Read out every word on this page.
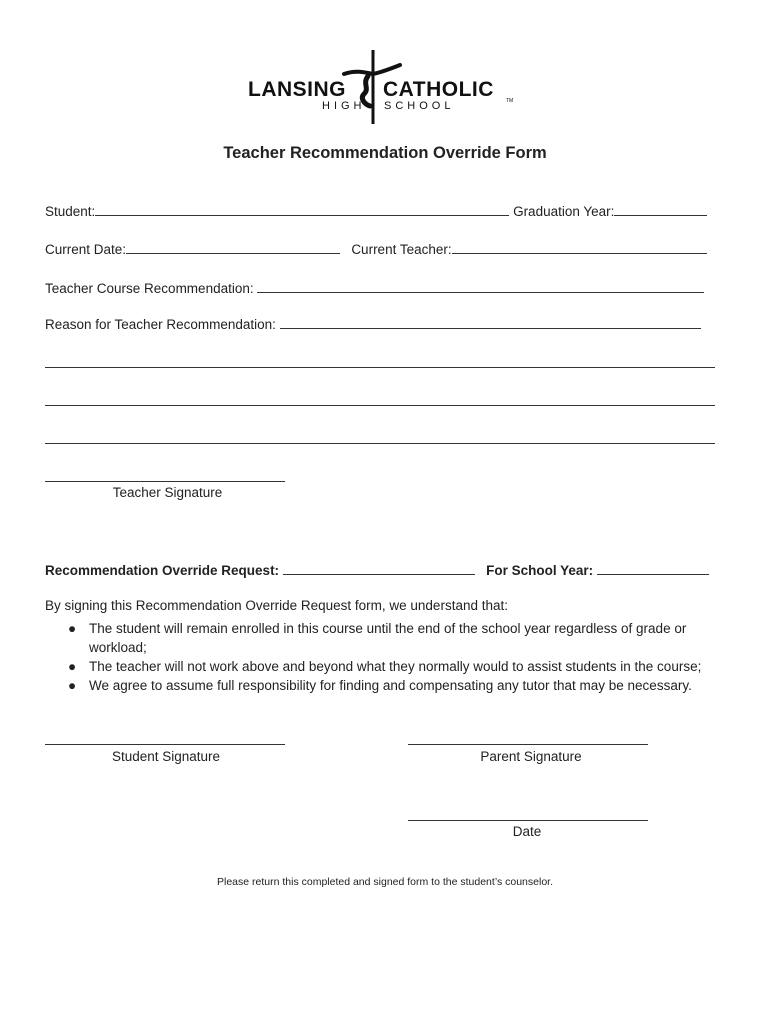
LANSING CATHOLIC
HIGH SCHOOL	TM
Teacher Recommendation Override Form
Student:	Graduation Year:
Current Date:	Current Teacher:
Teacher Course Recommendation:
Reason for Teacher Recommendation:
Teacher Signature
Recommendation Override Request:	For School Year:
By signing this Recommendation Override Request form, we understand that:
● The student will remain enrolled in this course until the end of the school year regardless of grade or workload;
● The teacher will not work above and beyond what they normally would to assist students in the course;
● We agree to assume full responsibility for finding and compensating any tutor that may be necessary.
Student Signature	Parent Signature
Date
Please return this completed and signed form to the student’s counselor.
